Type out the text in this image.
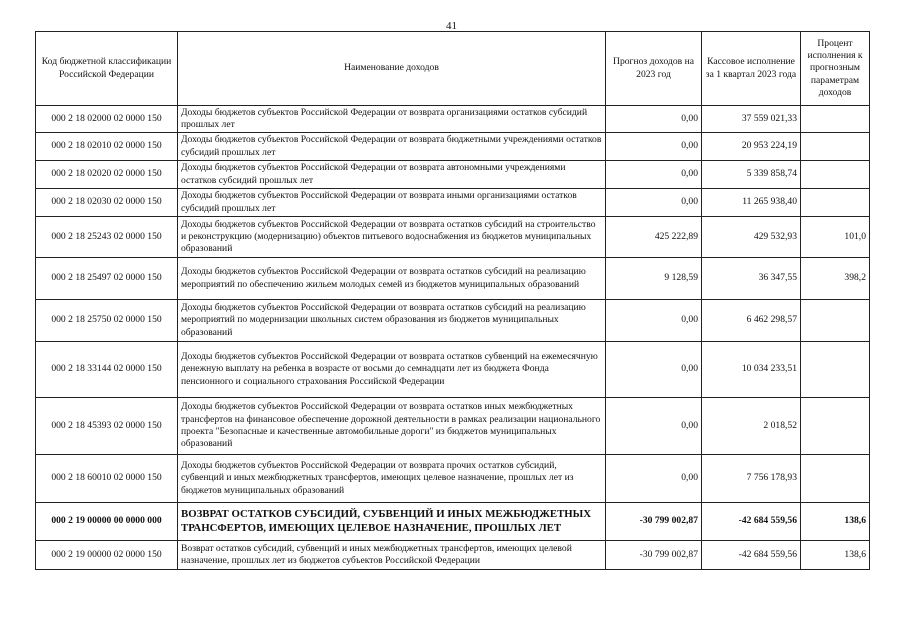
41
Код бюджетной классификации Российской Федерации	Наименование доходов	Прогноз доходов на 2023 год	Кассовое исполнение за 1 квартал 2023 года	Процент исполнения к прогнозным параметрам доходов
000 2 18 02000 02 0000 150	Доходы бюджетов субъектов Российской Федерации от возврата организациями остатков субсидий прошлых лет	0,00	37 559 021,33	
000 2 18 02010 02 0000 150	Доходы бюджетов субъектов Российской Федерации от возврата бюджетными учреждениями остатков субсидий прошлых лет	0,00	20 953 224,19	
000 2 18 02020 02 0000 150	Доходы бюджетов субъектов Российской Федерации от возврата автономными учреждениями остатков субсидий прошлых лет	0,00	5 339 858,74	
000 2 18 02030 02 0000 150	Доходы бюджетов субъектов Российской Федерации от возврата иными организациями остатков субсидий прошлых лет	0,00	11 265 938,40	
000 2 18 25243 02 0000 150	Доходы бюджетов субъектов Российской Федерации от возврата остатков субсидий на строительство и реконструкцию (модернизацию) объектов питьевого водоснабжения из бюджетов муниципальных образований	425 222,89	429 532,93	101,0
000 2 18 25497 02 0000 150	Доходы бюджетов субъектов Российской Федерации от возврата остатков субсидий на реализацию мероприятий по обеспечению жильем молодых семей из бюджетов муниципальных образований	9 128,59	36 347,55	398,2
000 2 18 25750 02 0000 150	Доходы бюджетов субъектов Российской Федерации от возврата остатков субсидий на реализацию мероприятий по модернизации школьных систем образования из бюджетов муниципальных образований	0,00	6 462 298,57	
000 2 18 33144 02 0000 150	Доходы бюджетов субъектов Российской Федерации от возврата остатков субвенций на ежемесячную денежную выплату на ребенка в возрасте от восьми до семнадцати лет из бюджета Фонда пенсионного и социального страхования Российской Федерации	0,00	10 034 233,51	
000 2 18 45393 02 0000 150	Доходы бюджетов субъектов Российской Федерации от возврата остатков иных межбюджетных трансфертов на финансовое обеспечение дорожной деятельности в рамках реализации национального проекта "Безопасные и качественные автомобильные дороги" из бюджетов муниципальных образований	0,00	2 018,52	
000 2 18 60010 02 0000 150	Доходы бюджетов субъектов Российской Федерации от возврата прочих остатков субсидий, субвенций и иных межбюджетных трансфертов, имеющих целевое назначение, прошлых лет из бюджетов муниципальных образований	0,00	7 756 178,93	
000 2 19 00000 00 0000 000	ВОЗВРАТ ОСТАТКОВ СУБСИДИЙ, СУБВЕНЦИЙ И ИНЫХ МЕЖБЮДЖЕТНЫХ ТРАНСФЕРТОВ, ИМЕЮЩИХ ЦЕЛЕВОЕ НАЗНАЧЕНИЕ, ПРОШЛЫХ ЛЕТ	-30 799 002,87	-42 684 559,56	138,6
000 2 19 00000 02 0000 150	Возврат остатков субсидий, субвенций и иных межбюджетных трансфертов, имеющих целевой назначение, прошлых лет из бюджетов субъектов Российской Федерации	-30 799 002,87	-42 684 559,56	138,6
